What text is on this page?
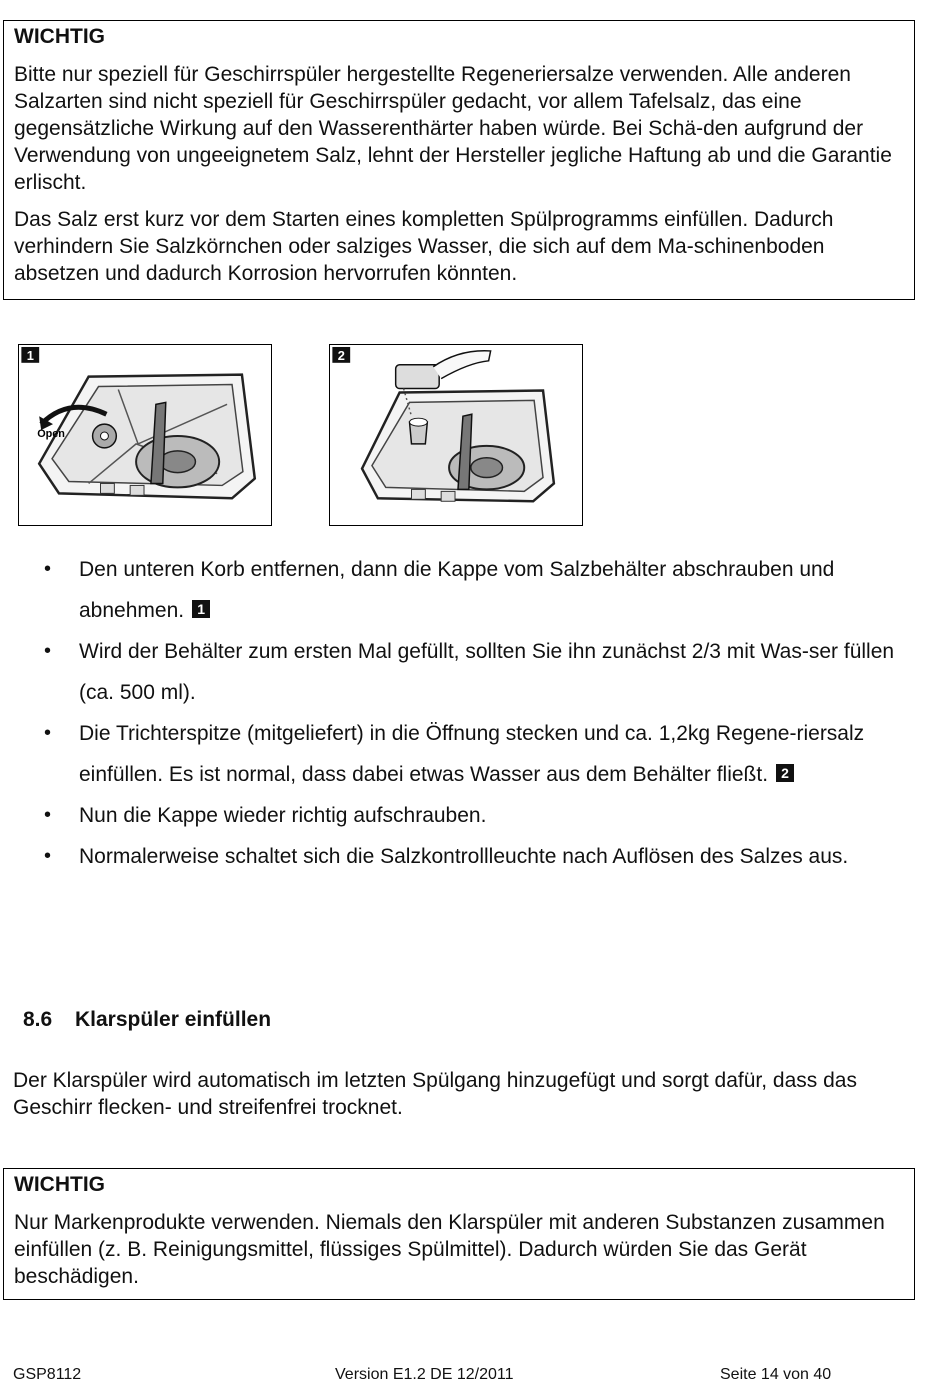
WICHTIG

Bitte nur speziell für Geschirrspüler hergestellte Regeneriersalze verwenden. Alle anderen Salzarten sind nicht speziell für Geschirrspüler gedacht, vor allem Tafelsalz, das eine gegensätzliche Wirkung auf den Wasserenthärter haben würde. Bei Schä-den aufgrund der Verwendung von ungeeignetem Salz, lehnt der Hersteller jegliche Haftung ab und die Garantie erlischt.

Das Salz erst kurz vor dem Starten eines kompletten Spülprogramms einfüllen. Dadurch verhindern Sie Salzkörnchen oder salziges Wasser, die sich auf dem Ma-schinenboden absetzen und dadurch Korrosion hervorrufen könnten.

1
Open
2
• Den unteren Korb entfernen, dann die Kappe vom Salzbehälter abschrauben und abnehmen. 1
• Wird der Behälter zum ersten Mal gefüllt, sollten Sie ihn zunächst 2/3 mit Was-ser füllen (ca. 500 ml).
• Die Trichterspitze (mitgeliefert) in die Öffnung stecken und ca. 1,2kg Regene-riersalz einfüllen. Es ist normal, dass dabei etwas Wasser aus dem Behälter fließt. 2
• Nun die Kappe wieder richtig aufschrauben.
• Normalerweise schaltet sich die Salzkontrollleuchte nach Auflösen des Salzes aus.
8.6 Klarspüler einfüllen

Der Klarspüler wird automatisch im letzten Spülgang hinzugefügt und sorgt dafür, dass das Geschirr flecken- und streifenfrei trocknet.

WICHTIG

Nur Markenprodukte verwenden. Niemals den Klarspüler mit anderen Substanzen zusammen einfüllen (z. B. Reinigungsmittel, flüssiges Spülmittel). Dadurch würden Sie das Gerät beschädigen.

GSP8112	Version E1.2 DE 12/2011	Seite 14 von 40
